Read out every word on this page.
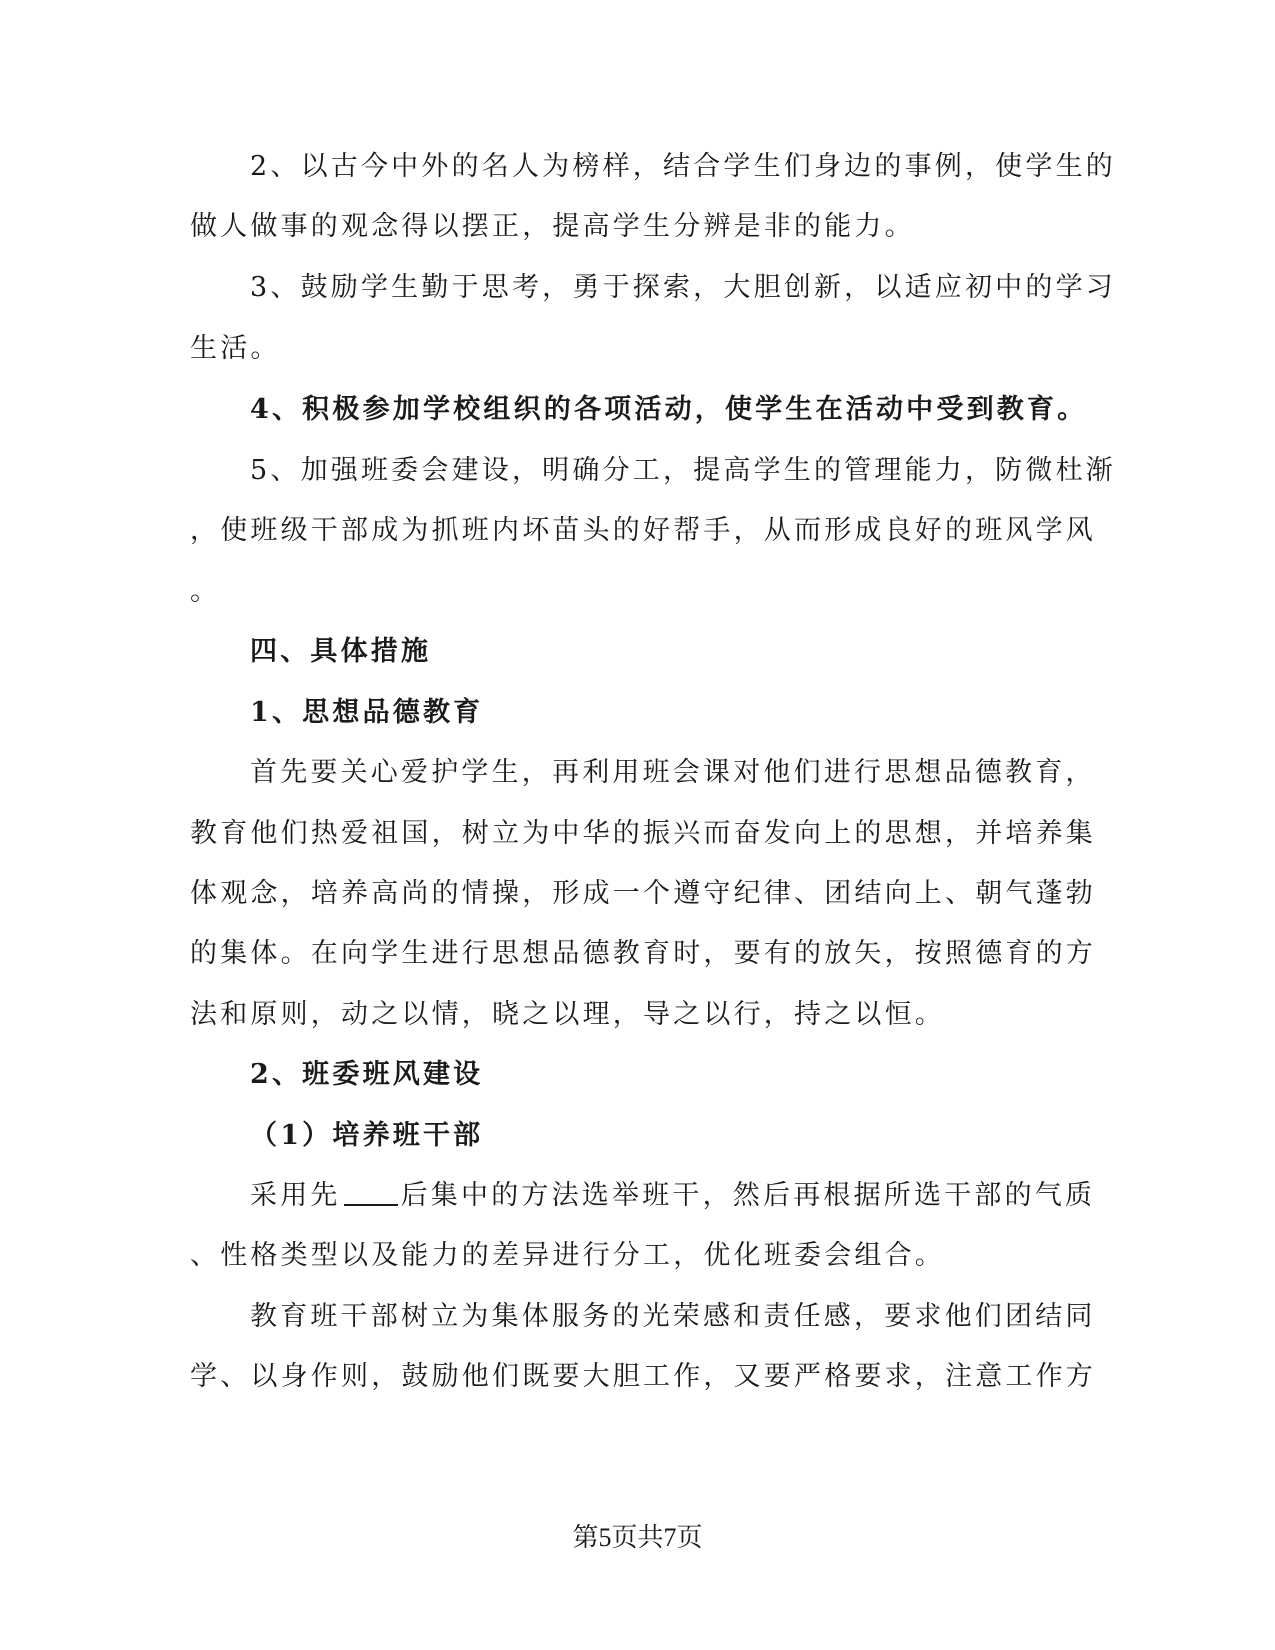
2、以古今中外的名人为榜样，结合学生们身边的事例，使学生的
做人做事的观念得以摆正，提高学生分辨是非的能力。
3、鼓励学生勤于思考，勇于探索，大胆创新，以适应初中的学习
生活。
4、积极参加学校组织的各项活动，使学生在活动中受到教育。
5、加强班委会建设，明确分工，提高学生的管理能力，防微杜渐
，使班级干部成为抓班内坏苗头的好帮手，从而形成良好的班风学风
。
四、具体措施
1、思想品德教育
首先要关心爱护学生，再利用班会课对他们进行思想品德教育，
教育他们热爱祖国，树立为中华的振兴而奋发向上的思想，并培养集
体观念，培养高尚的情操，形成一个遵守纪律、团结向上、朝气蓬勃
的集体。在向学生进行思想品德教育时，要有的放矢，按照德育的方
法和原则，动之以情，晓之以理，导之以行，持之以恒。
2、班委班风建设
（1）培养班干部
采用先 后集中的方法选举班干，然后再根据所选干部的气质
、性格类型以及能力的差异进行分工，优化班委会组合。
教育班干部树立为集体服务的光荣感和责任感，要求他们团结同
学、以身作则，鼓励他们既要大胆工作，又要严格要求，注意工作方
第5页共7页
